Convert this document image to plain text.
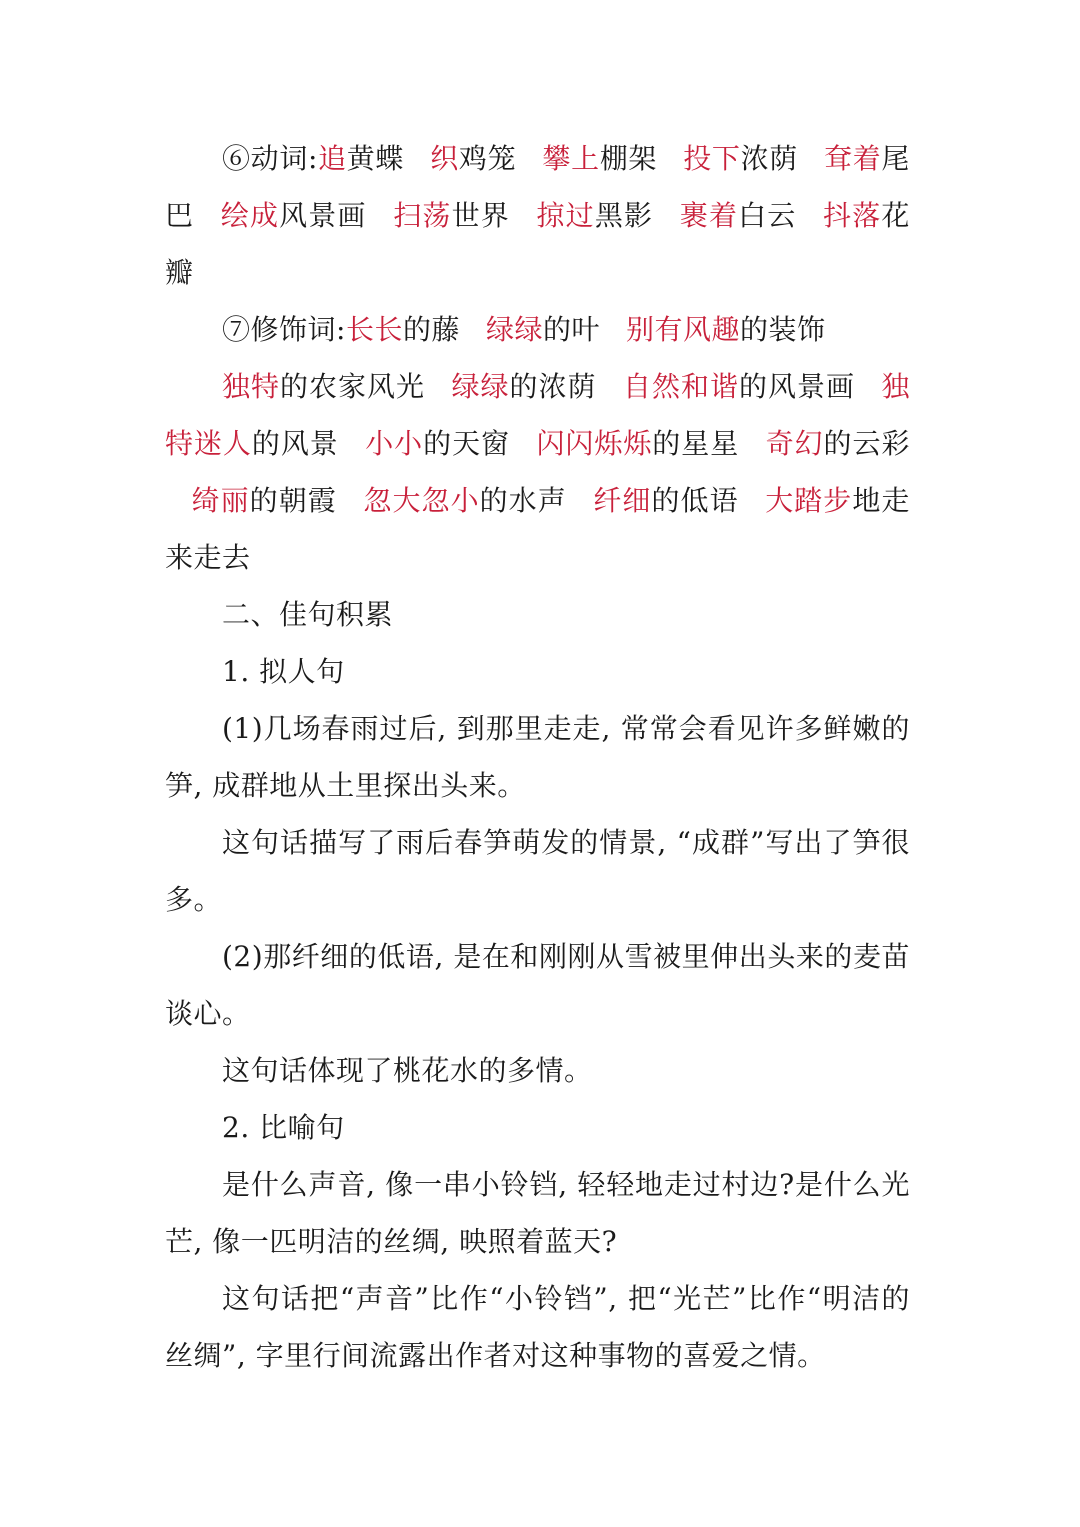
⑥动词:追黄蝶 织鸡笼 攀上棚架 投下浓荫 耷着尾巴 绘成风景画 扫荡世界 掠过黑影 裹着白云 抖落花瓣

⑦修饰词:长长的藤 绿绿的叶 别有风趣的装饰

独特的农家风光 绿绿的浓荫 自然和谐的风景画 独特迷人的风景 小小的天窗 闪闪烁烁的星星 奇幻的云彩绮丽的朝霞 忽大忽小的水声 纤细的低语 大踏步地走来走去

二、佳句积累

1. 拟人句

(1)几场春雨过后, 到那里走走, 常常会看见许多鲜嫩的笋, 成群地从土里探出头来。

这句话描写了雨后春笋萌发的情景, “成群”写出了笋很多。

(2)那纤细的低语, 是在和刚刚从雪被里伸出头来的麦苗谈心。

这句话体现了桃花水的多情。

2. 比喻句

是什么声音, 像一串小铃铛, 轻轻地走过村边?是什么光芒, 像一匹明洁的丝绸, 映照着蓝天?

这句话把“声音”比作“小铃铛”, 把“光芒”比作“明洁的丝绸”, 字里行间流露出作者对这种事物的喜爱之情。
